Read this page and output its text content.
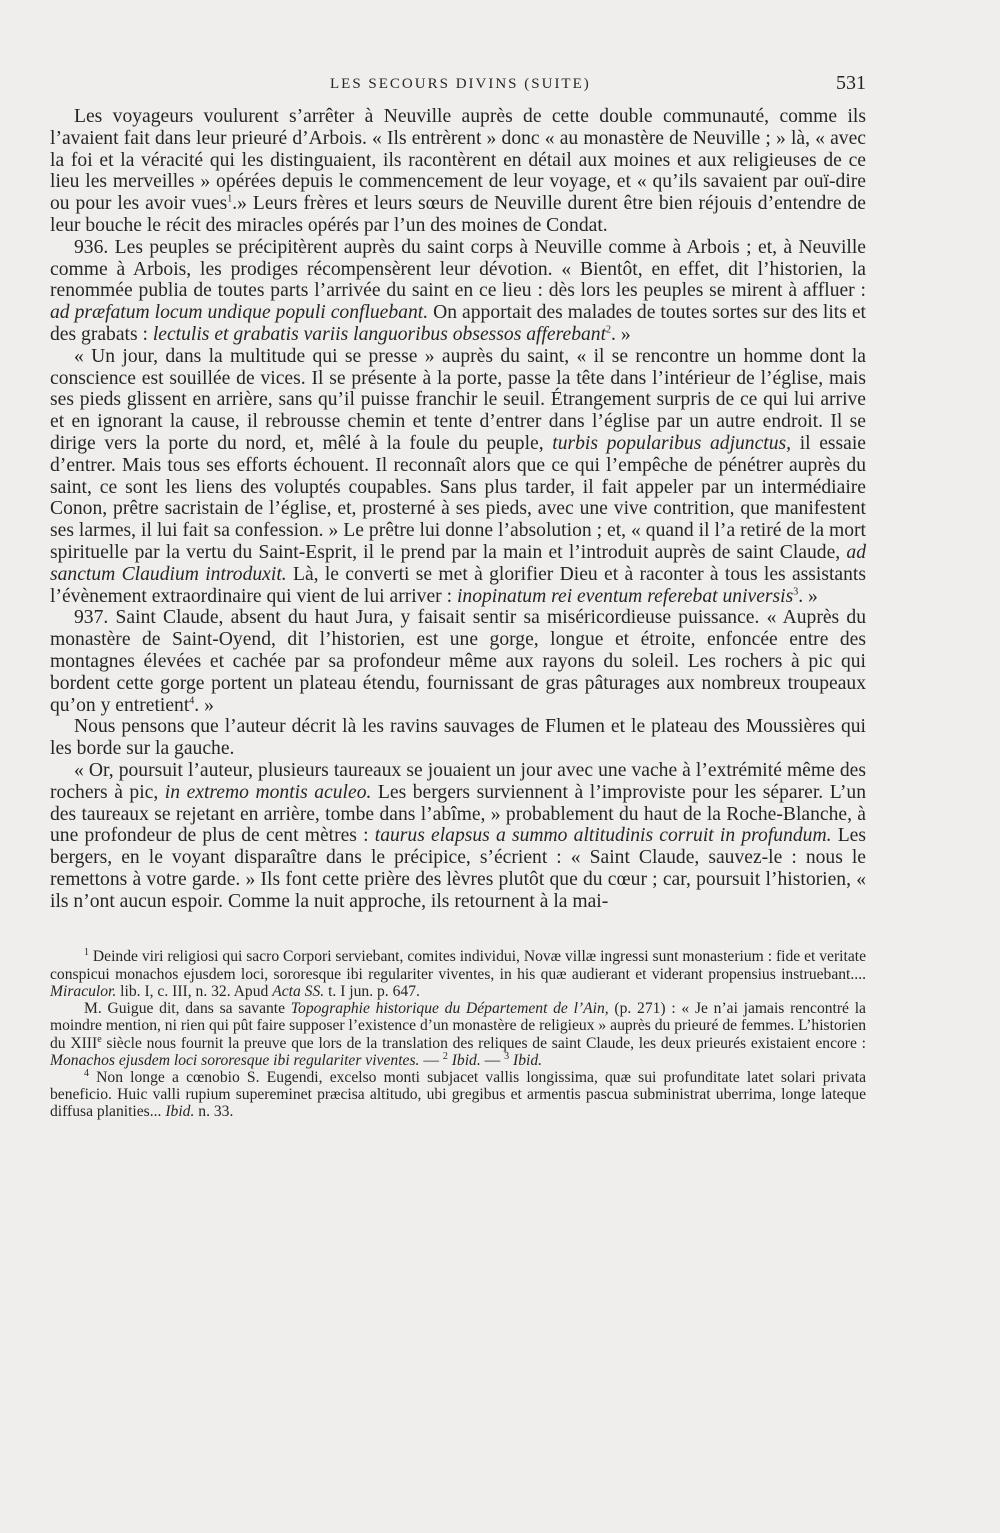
LES SECOURS DIVINS (SUITE)	531

Les voyageurs voulurent s’arrêter à Neuville auprès de cette double communauté, comme ils l’avaient fait dans leur prieuré d’Arbois. « Ils entrèrent » donc « au monastère de Neuville ; » là, « avec la foi et la véracité qui les distinguaient, ils racontèrent en détail aux moines et aux religieuses de ce lieu les merveilles » opérées depuis le commencement de leur voyage, et « qu’ils savaient par ouï-dire ou pour les avoir vues$^1$.» Leurs frères et leurs sœurs de Neuville durent être bien réjouis d’entendre de leur bouche le récit des miracles opérés par l’un des moines de Condat.

936. Les peuples se précipitèrent auprès du saint corps à Neuville comme à Arbois ; et, à Neuville comme à Arbois, les prodiges récompensèrent leur dévotion. « Bientôt, en effet, dit l’historien, la renommée publia de toutes parts l’arrivée du saint en ce lieu : dès lors les peuples se mirent à affluer : ad præfatum locum undique populi confluebant. On apportait des malades de toutes sortes sur des lits et des grabats : lectulis et grabatis variis languoribus obsessos afferebant$^2$. »

« Un jour, dans la multitude qui se presse » auprès du saint, « il se rencontre un homme dont la conscience est souillée de vices. Il se présente à la porte, passe la tête dans l’intérieur de l’église, mais ses pieds glissent en arrière, sans qu’il puisse franchir le seuil. Étrangement surpris de ce qui lui arrive et en ignorant la cause, il rebrousse chemin et tente d’entrer dans l’église par un autre endroit. Il se dirige vers la porte du nord, et, mêlé à la foule du peuple, turbis popularibus adjunctus, il essaie d’entrer. Mais tous ses efforts échouent. Il reconnaît alors que ce qui l’empêche de pénétrer auprès du saint, ce sont les liens des voluptés coupables. Sans plus tarder, il fait appeler par un intermédiaire Conon, prêtre sacristain de l’église, et, prosterné à ses pieds, avec une vive contrition, que manifestent ses larmes, il lui fait sa confession. » Le prêtre lui donne l’absolution ; et, « quand il l’a retiré de la mort spirituelle par la vertu du Saint-Esprit, il le prend par la main et l’introduit auprès de saint Claude, ad sanctum Claudium introduxit. Là, le converti se met à glorifier Dieu et à raconter à tous les assistants l’évènement extraordinaire qui vient de lui arriver : inopinatum rei eventum referebat universis$^3$. »

937. Saint Claude, absent du haut Jura, y faisait sentir sa miséricordieuse puissance. « Auprès du monastère de Saint-Oyend, dit l’historien, est une gorge, longue et étroite, enfoncée entre des montagnes élevées et cachée par sa profondeur même aux rayons du soleil. Les rochers à pic qui bordent cette gorge portent un plateau étendu, fournissant de gras pâturages aux nombreux troupeaux qu’on y entretient$^4$. »

Nous pensons que l’auteur décrit là les ravins sauvages de Flumen et le plateau des Moussières qui les borde sur la gauche.

« Or, poursuit l’auteur, plusieurs taureaux se jouaient un jour avec une vache à l’extrémité même des rochers à pic, in extremo montis aculeo. Les bergers surviennent à l’improviste pour les séparer. L’un des taureaux se rejetant en arrière, tombe dans l’abîme, » probablement du haut de la Roche-Blanche, à une profondeur de plus de cent mètres : taurus elapsus a summo altitudinis corruit in profundum. Les bergers, en le voyant disparaître dans le précipice, s’écrient : « Saint Claude, sauvez-le : nous le remettons à votre garde. » Ils font cette prière des lèvres plutôt que du cœur ; car, poursuit l’historien, « ils n’ont aucun espoir. Comme la nuit approche, ils retournent à la mai-

$^1$ Deinde viri religiosi qui sacro Corpori serviebant, comites individui, Novæ villæ ingressi sunt monasterium : fide et veritate conspicui monachos ejusdem loci, sororesque ibi regulariter viventes, in his quæ audierant et viderant propensius instruebant.... Miraculor. lib. I, c. III, n. 32. Apud Acta SS. t. I jun. p. 647.

M. Guigue dit, dans sa savante Topographie historique du Département de l’Ain, (p. 271) : « Je n’ai jamais rencontré la moindre mention, ni rien qui pût faire supposer l’existence d’un monastère de religieux » auprès du prieuré de femmes. L’historien du XIIIe siècle nous fournit la preuve que lors de la translation des reliques de saint Claude, les deux prieurés existaient encore : Monachos ejusdem loci sororesque ibi regulariter viventes. — $^2$ Ibid. — $^3$ Ibid.

$^4$ Non longe a cœnobio S. Eugendi, excelso monti subjacet vallis longissima, quæ sui profunditate latet solari privata beneficio. Huic valli rupium supereminet præcisa altitudo, ubi gregibus et armentis pascua subministrat uberrima, longe lateque diffusa planities... Ibid. n. 33.
